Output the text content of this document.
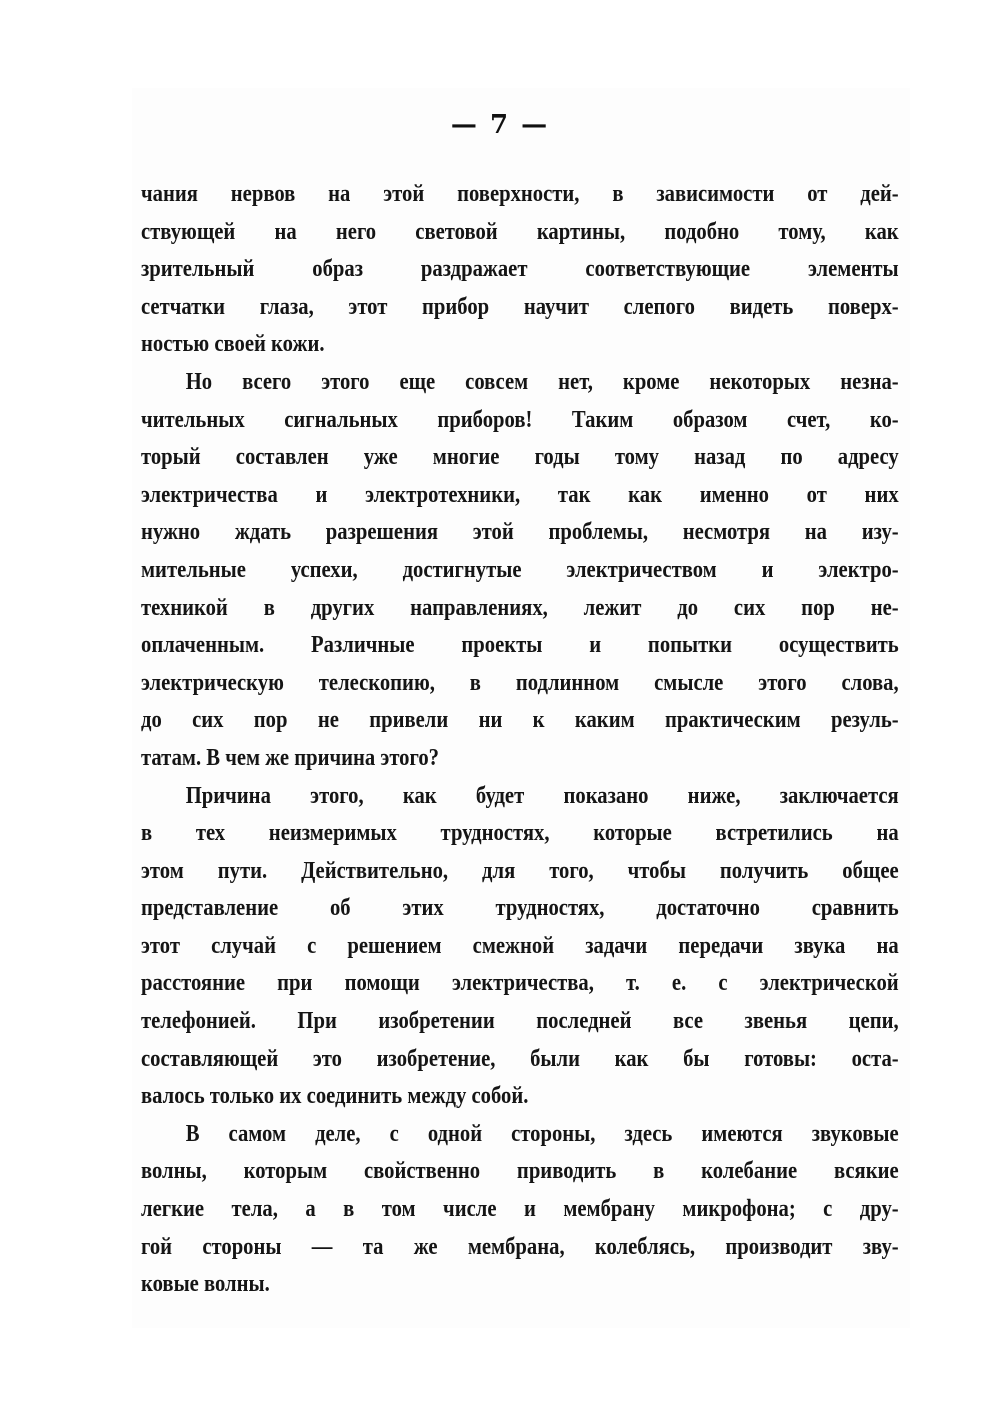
— 7 —
чания нервов на этой поверхности, в зависимости от дей-
ствующей на него световой картины, подобно тому, как
зрительный образ раздражает соответствующие элементы
сетчатки глаза, этот прибор научит слепого видеть поверх-
ностью своей кожи.
Но всего этого еще совсем нет, кроме некоторых незна-
чительных сигнальных приборов! Таким образом счет, ко-
торый составлен уже многие годы тому назад по адресу
электричества и электротехники, так как именно от них
нужно ждать разрешения этой проблемы, несмотря на изу-
мительные успехи, достигнутые электричеством и электро-
техникой в других направлениях, лежит до сих пор не-
оплаченным. Различные проекты и попытки осуществить
электрическую телескопию, в подлинном смысле этого слова,
до сих пор не привели ни к каким практическим резуль-
татам. В чем же причина этого?
Причина этого, как будет показано ниже, заключается
в тех неизмеримых трудностях, которые встретились на
этом пути. Действительно, для того, чтобы получить общее
представление об этих трудностях, достаточно сравнить
этот случай с решением смежной задачи передачи звука на
расстояние при помощи электричества, т. е. с электрической
телефонией. При изобретении последней все звенья цепи,
составляющей это изобретение, были как бы готовы: оста-
валось только их соединить между собой.
В самом деле, с одной стороны, здесь имеются звуковые
волны, которым свойственно приводить в колебание всякие
легкие тела, а в том числе и мембрану микрофона; с дру-
гой стороны — та же мембрана, колеблясь, производит зву-
ковые волны.
